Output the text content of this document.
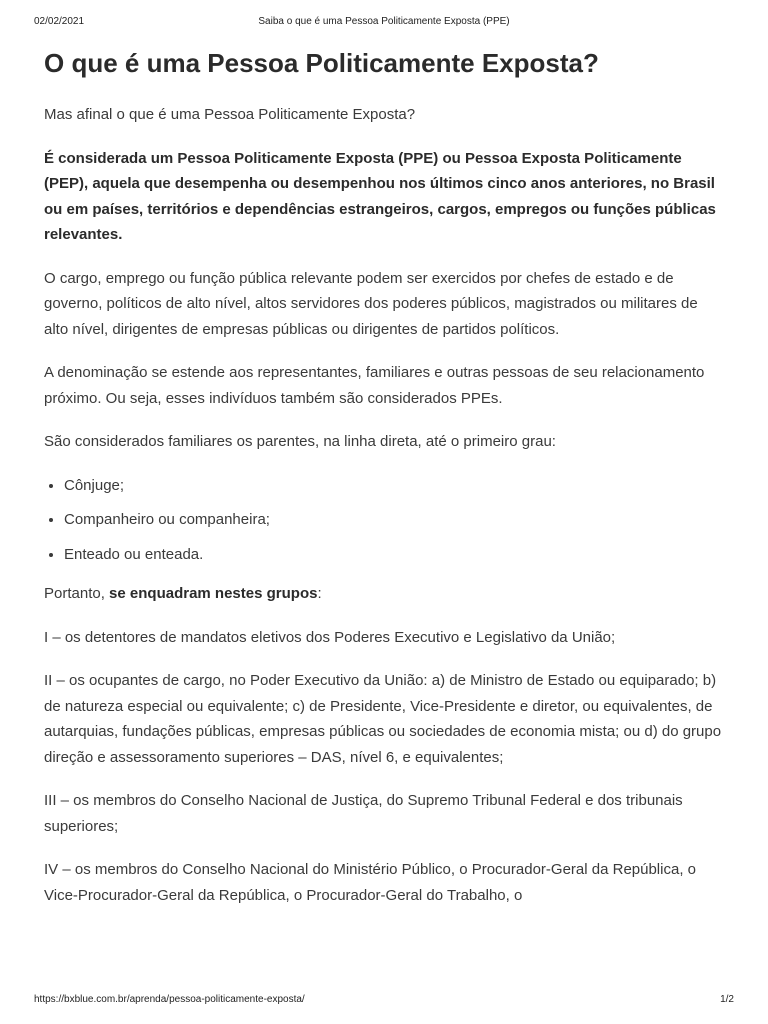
02/02/2021	Saiba o que é uma Pessoa Politicamente Exposta (PPE)
O que é uma Pessoa Politicamente Exposta?

Mas afinal o que é uma Pessoa Politicamente Exposta?

É considerada um Pessoa Politicamente Exposta (PPE) ou Pessoa Exposta Politicamente (PEP), aquela que desempenha ou desempenhou nos últimos cinco anos anteriores, no Brasil ou em países, territórios e dependências estrangeiros, cargos, empregos ou funções públicas relevantes.

O cargo, emprego ou função pública relevante podem ser exercidos por chefes de estado e de governo, políticos de alto nível, altos servidores dos poderes públicos, magistrados ou militares de alto nível, dirigentes de empresas públicas ou dirigentes de partidos políticos.

A denominação se estende aos representantes, familiares e outras pessoas de seu relacionamento próximo. Ou seja, esses indivíduos também são considerados PPEs.

São considerados familiares os parentes, na linha direta, até o primeiro grau:

• Cônjuge;
• Companheiro ou companheira;
• Enteado ou enteada.

Portanto, se enquadram nestes grupos:

I – os detentores de mandatos eletivos dos Poderes Executivo e Legislativo da União;

II – os ocupantes de cargo, no Poder Executivo da União: a) de Ministro de Estado ou equiparado; b) de natureza especial ou equivalente; c) de Presidente, Vice-Presidente e diretor, ou equivalentes, de autarquias, fundações públicas, empresas públicas ou sociedades de economia mista; ou d) do grupo direção e assessoramento superiores – DAS, nível 6, e equivalentes;

III – os membros do Conselho Nacional de Justiça, do Supremo Tribunal Federal e dos tribunais superiores;

IV – os membros do Conselho Nacional do Ministério Público, o Procurador-Geral da República, o Vice-Procurador-Geral da República, o Procurador-Geral do Trabalho, o

https://bxblue.com.br/aprenda/pessoa-politicamente-exposta/	1/2
